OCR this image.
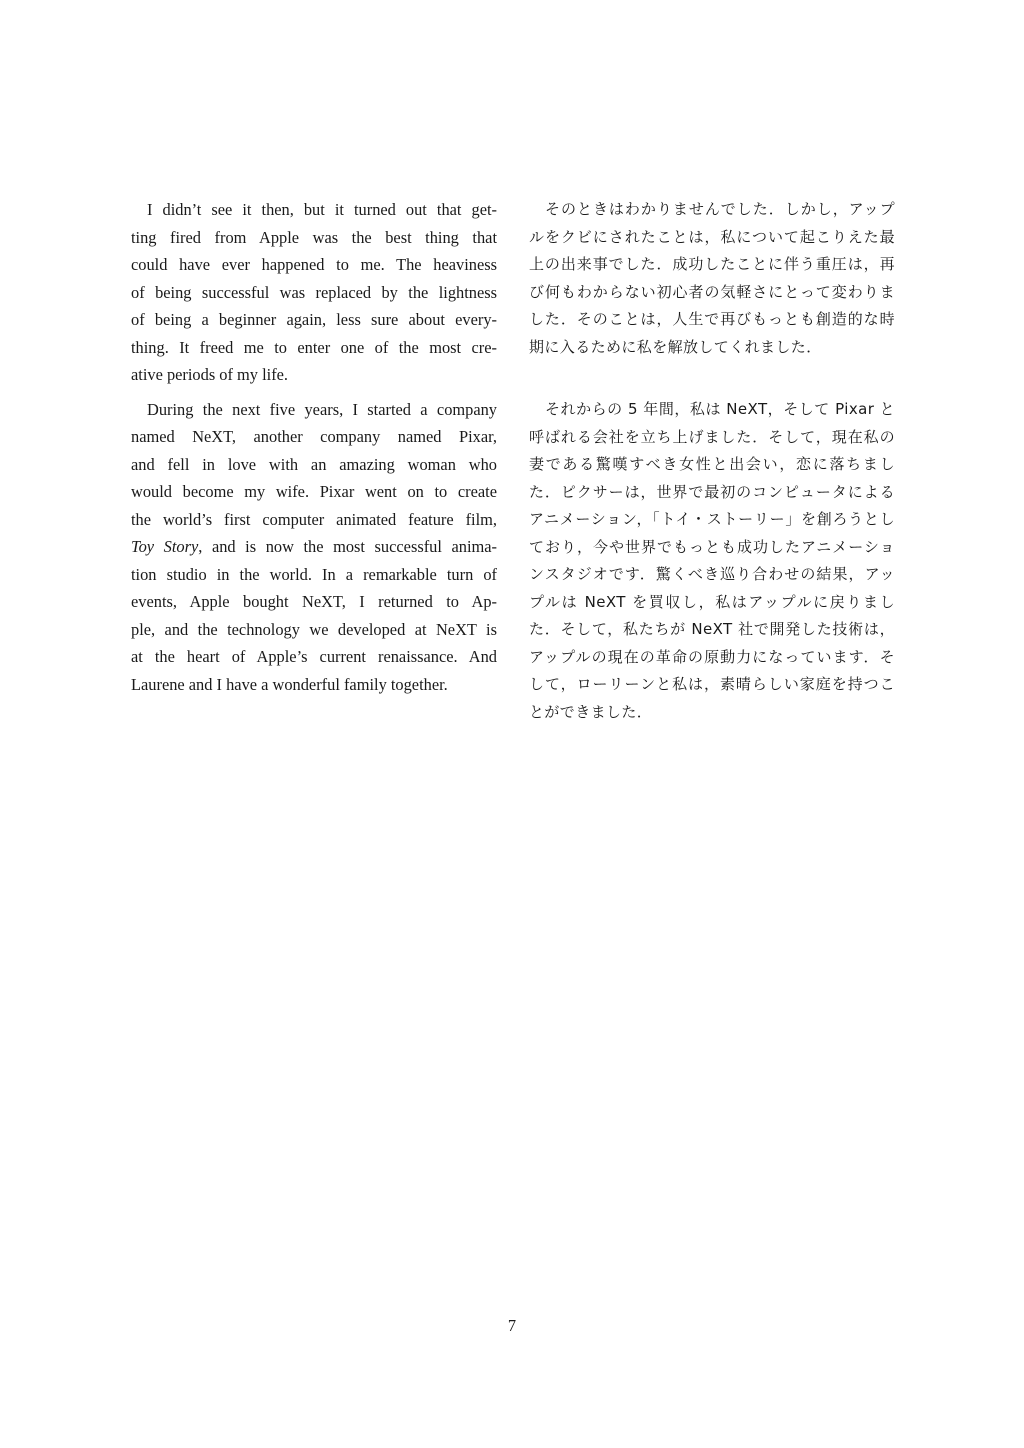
I didn’t see it then, but it turned out that get-
ting fired from Apple was the best thing that
could have ever happened to me. The heaviness
of being successful was replaced by the lightness
of being a beginner again, less sure about every-
thing. It freed me to enter one of the most cre-
ative periods of my life.
During the next five years, I started a company
named NeXT, another company named Pixar,
and fell in love with an amazing woman who
would become my wife. Pixar went on to create
the world’s first computer animated feature film,
Toy Story, and is now the most successful anima-
tion studio in the world. In a remarkable turn of
events, Apple bought NeXT, I returned to Ap-
ple, and the technology we developed at NeXT is
at the heart of Apple’s current renaissance. And
Laurene and I have a wonderful family together.
そのときはわかりませんでした．しかし，アップ
ルをクビにされたことは，私について起こりえた最
上の出来事でした．成功したことに伴う重圧は，再
び何もわからない初心者の気軽さにとって変わりま
した．そのことは，人生で再びもっとも創造的な時
期に入るために私を解放してくれました．
それからの 5 年間，私は NeXT，そして Pixar と
呼ばれる会社を立ち上げました．そして，現在私の
妻である驚嘆すべき女性と出会い，恋に落ちまし
た．ピクサーは，世界で最初のコンピュータによる
アニメーション，「トイ・ストーリー」を創ろうとし
ており，今や世界でもっとも成功したアニメーショ
ンスタジオです．驚くべき巡り合わせの結果，アッ
プルは NeXT を買収し，私はアップルに戻りまし
た．そして，私たちが NeXT 社で開発した技術は，
アップルの現在の革命の原動力になっています．そ
して，ローリーンと私は，素晴らしい家庭を持つこ
とができました．
7
